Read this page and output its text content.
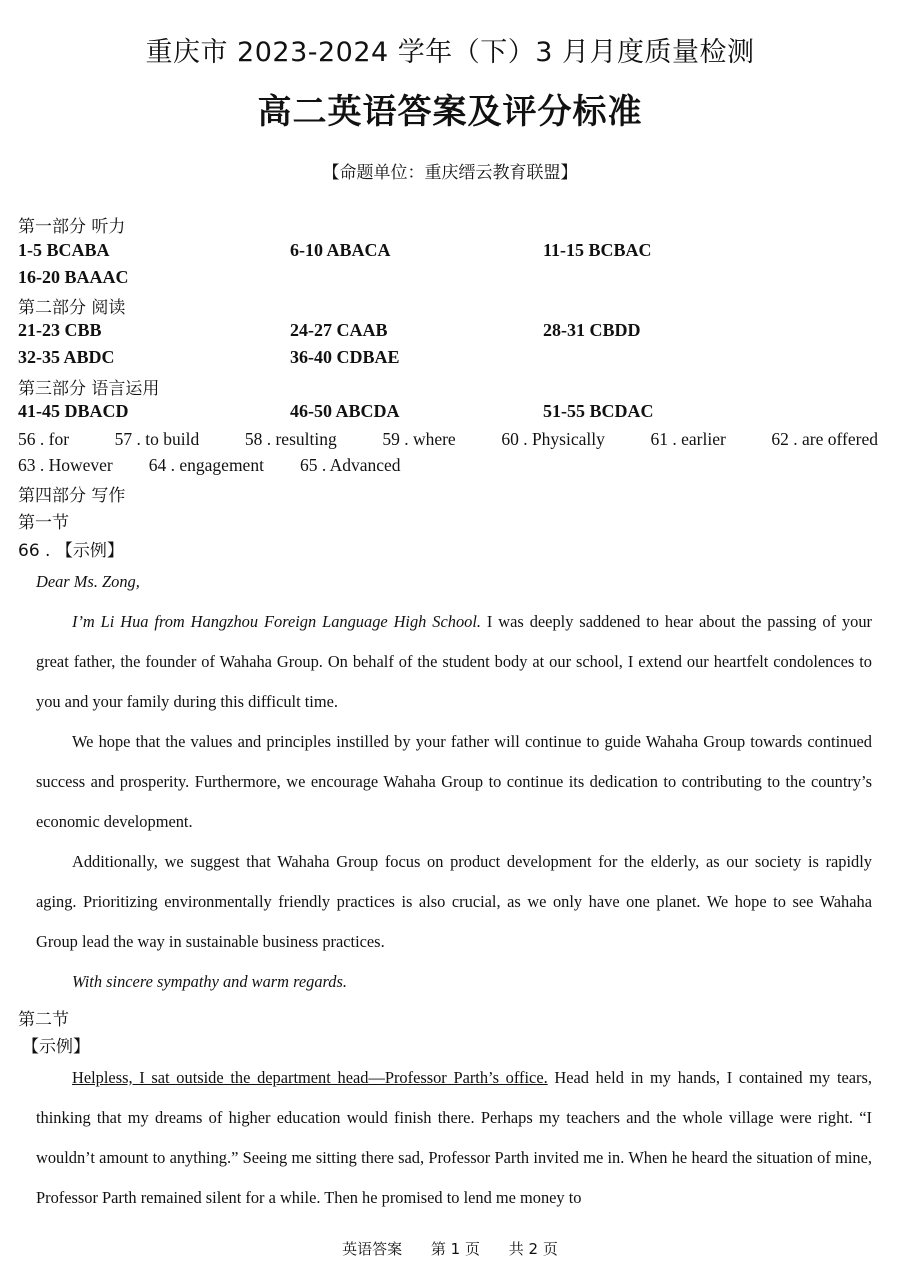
重庆市 2023-2024 学年（下）3 月月度质量检测
高二英语答案及评分标准
【命题单位：重庆缙云教育联盟】
第一部分 听力
1-5 BCABA	6-10 ABACA	11-15 BCBAC
16-20 BAAAC
第二部分 阅读
21-23 CBB	24-27 CAAB	28-31 CBDD
32-35 ABDC	36-40 CDBAE
第三部分 语言运用
41-45 DBACD	46-50 ABCDA	51-55 BCDAC
56 . for	57 . to build	58 . resulting	59 . where	60 . Physically	61 . earlier	62 . are offered
63 . However 64 . engagement 65 . Advanced
第四部分 写作
第一节
66 . 【示例】

Dear Ms. Zong,

I’m Li Hua from Hangzhou Foreign Language High School. I was deeply saddened to hear about the passing of your great father, the founder of Wahaha Group. On behalf of the student body at our school, I extend our heartfelt condolences to you and your family during this difficult time.

We hope that the values and principles instilled by your father will continue to guide Wahaha Group towards continued success and prosperity. Furthermore, we encourage Wahaha Group to continue its dedication to contributing to the country’s economic development.

Additionally, we suggest that Wahaha Group focus on product development for the elderly, as our society is rapidly aging. Prioritizing environmentally friendly practices is also crucial, as we only have one planet. We hope to see Wahaha Group lead the way in sustainable business practices.

With sincere sympathy and warm regards.

第二节
【示例】

Helpless, I sat outside the department head—Professor Parth’s office. Head held in my hands, I contained my tears, thinking that my dreams of higher education would finish there. Perhaps my teachers and the whole village were right. “I wouldn’t amount to anything.” Seeing me sitting there sad, Professor Parth invited me in. When he heard the situation of mine, Professor Parth remained silent for a while. Then he promised to lend me money to

英语答案 第 1 页 共 2 页
